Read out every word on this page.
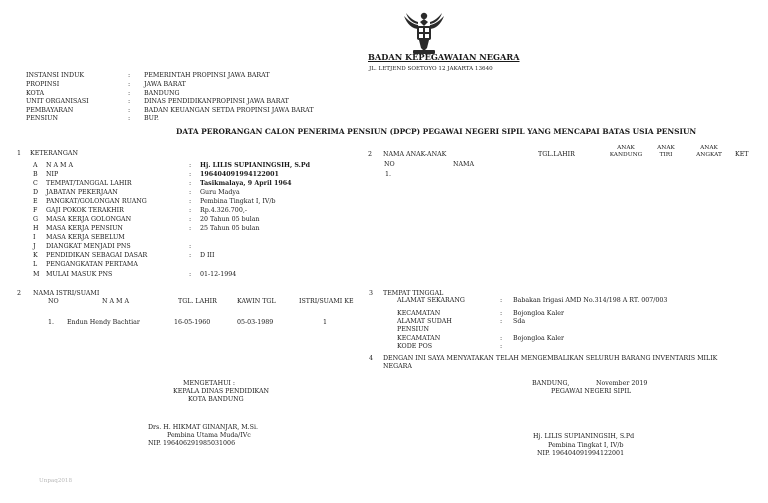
BADAN KEPEGAWAIAN NEGARA
JL. LETJEND SOETOYO 12 JAKARTA 13640
INSTANSI INDUK	: PEMERINTAH PROPINSI JAWA BARAT
PROPINSI	: JAWA BARAT
KOTA	: BANDUNG
UNIT ORGANISASI	: DINAS PENDIDIKANPROPINSI JAWA BARAT
PEMBAYARAN	: BADAN KEUANGAN SETDA PROPINSI JAWA BARAT
PENSIUN	: BUP.
DATA PERORANGAN CALON PENERIMA PENSIUN (DPCP) PEGAWAI NEGERI SIPIL YANG MENCAPAI BATAS USIA PENSIUN
1 KETERANGAN
A N A M A	: Hj. LILIS SUPIANINGSIH, S.Pd
B NIP	: 196404091994122001
C TEMPAT/TANGGAL LAHIR	: Tasikmalaya, 9 April 1964
D JABATAN PEKERJAAN	: Guru Madya
E PANGKAT/GOLONGAN RUANG	: Pembina Tingkat I, IV/b
F GAJI POKOK TERAKHIR	: Rp.4.326.700,-
G MASA KERJA GOLONGAN	: 20 Tahun 05 bulan
H MASA KERJA PENSIUN	: 25 Tahun 05 bulan
I MASA KERJA SEBELUM
J DIANGKAT MENJADI PNS	:
K PENDIDIKAN SEBAGAI DASAR	: D III
L PENGANGKATAN PERTAMA
M MULAI MASUK PNS	: 01-12-1994
2 NAMA ANAK-ANAK	TGL.LAHIR
ANAK
KANDUNG
ANAK
TIRI
ANAK
ANGKAT	KET
NO	NAMA
1.
2 NAMA ISTRI/SUAMI
NO	N A M A	TGL. LAHIR	KAWIN TGL	ISTRI/SUAMI KE
1. Endun Hendy Bachtiar	16-05-1960	05-03-1989	1
3 TEMPAT TINGGAL
ALAMAT SEKARANG	: Babakan Irigasi AMD No.314/198 A RT. 007/003
KECAMATAN	: Bojongloa Kaler
ALAMAT SUDAH	: Sda
PENSIUN
KECAMATAN	: Bojongloa Kaler
KODE POS	:
4 DENGAN INI SAYA MENYATAKAN TELAH MENGEMBALIKAN SELURUH BARANG INVENTARIS MILIK
NEGARA
MENGETAHUI :
KEPALA DINAS PENDIDIKAN
KOTA BANDUNG
Drs. H. HIKMAT GINANJAR, M.Si.
Pembina Utama Muda/IVc
NIP. 196406291985031006
BANDUNG,	November 2019
PEGAWAI NEGERI SIPIL
Hj. LILIS SUPIANINGSIH, S.Pd
Pembina Tingkat I, IV/b
NIP. 196404091994122001
Unpaq2018
